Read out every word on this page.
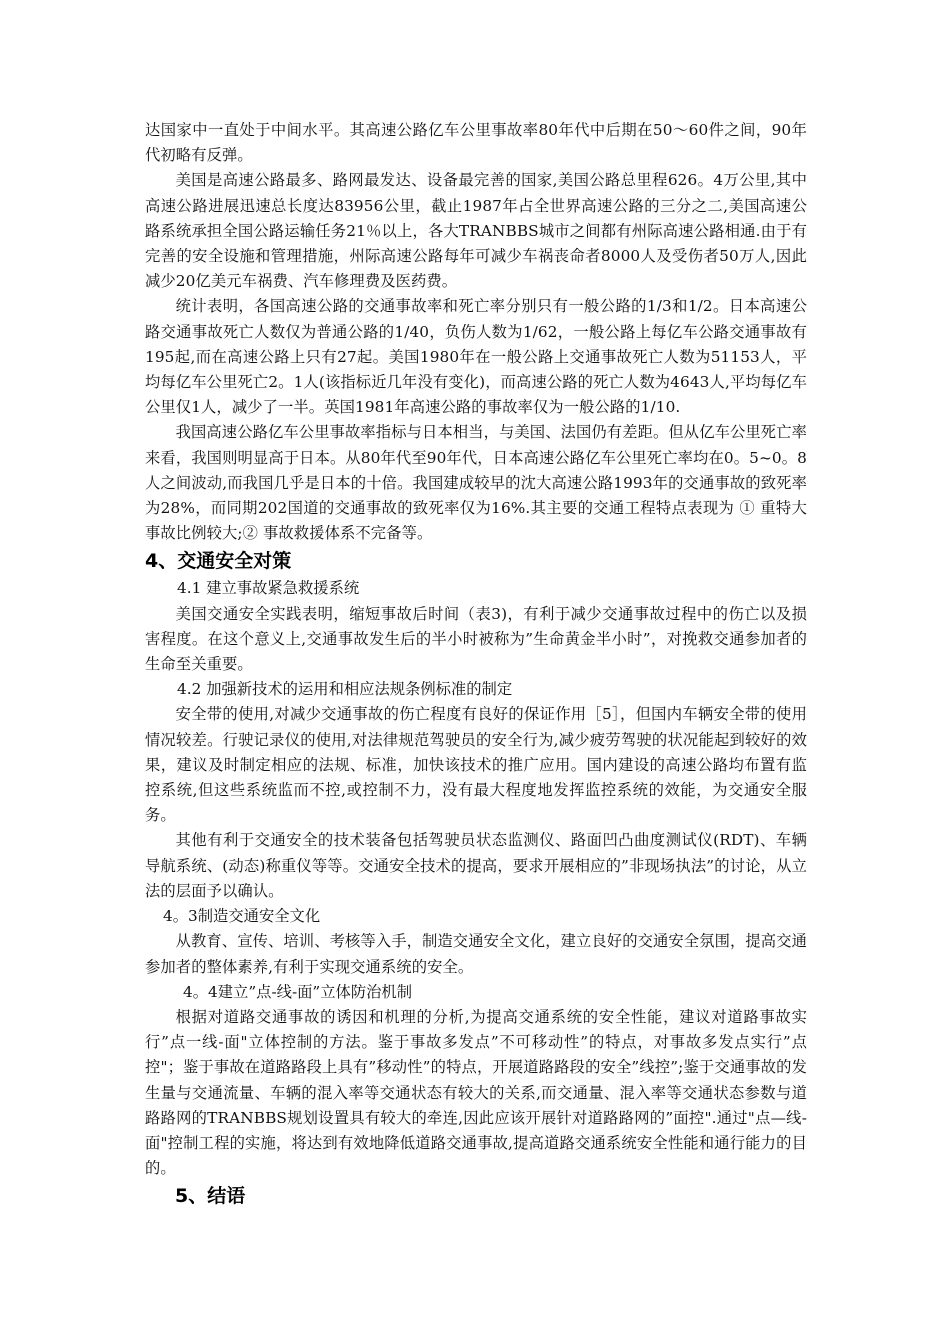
达国家中一直处于中间水平。其高速公路亿车公里事故率80年代中后期在50～60件之间，90年代初略有反弹。

美国是高速公路最多、路网最发达、设备最完善的国家,美国公路总里程626。4万公里,其中高速公路进展迅速总长度达83956公里，截止1987年占全世界高速公路的三分之二,美国高速公路系统承担全国公路运输任务21％以上，各大TRANBBS城市之间都有州际高速公路相通.由于有完善的安全设施和管理措施，州际高速公路每年可减少车祸丧命者8000人及受伤者50万人,因此减少20亿美元车祸费、汽车修理费及医药费。

统计表明，各国高速公路的交通事故率和死亡率分别只有一般公路的1/3和1/2。日本高速公路交通事故死亡人数仅为普通公路的1/40，负伤人数为1/62，一般公路上每亿车公路交通事故有195起,而在高速公路上只有27起。美国1980年在一般公路上交通事故死亡人数为51153人，平均每亿车公里死亡2。1人(该指标近几年没有变化)，而高速公路的死亡人数为4643人,平均每亿车公里仅1人，减少了一半。英国1981年高速公路的事故率仅为一般公路的1/10.

我国高速公路亿车公里事故率指标与日本相当，与美国、法国仍有差距。但从亿车公里死亡率来看，我国则明显高于日本。从80年代至90年代，日本高速公路亿车公里死亡率均在0。5~0。8人之间波动,而我国几乎是日本的十倍。我国建成较早的沈大高速公路1993年的交通事故的致死率为28%，而同期202国道的交通事故的致死率仅为16%.其主要的交通工程特点表现为 ① 重特大事故比例较大;② 事故救援体系不完备等。

4、交通安全对策
4.1 建立事故紧急救援系统

美国交通安全实践表明，缩短事故后时间（表3)，有利于减少交通事故过程中的伤亡以及损害程度。在这个意义上,交通事故发生后的半小时被称为”生命黄金半小时”，对挽救交通参加者的生命至关重要。

4.2 加强新技术的运用和相应法规条例标准的制定

安全带的使用,对减少交通事故的伤亡程度有良好的保证作用［5］，但国内车辆安全带的使用情况较差。行驶记录仪的使用,对法律规范驾驶员的安全行为,减少疲劳驾驶的状况能起到较好的效果，建议及时制定相应的法规、标准，加快该技术的推广应用。国内建设的高速公路均布置有监控系统,但这些系统监而不控,或控制不力，没有最大程度地发挥监控系统的效能，为交通安全服务。

其他有利于交通安全的技术装备包括驾驶员状态监测仪、路面凹凸曲度测试仪(RDT)、车辆导航系统、(动态)称重仪等等。交通安全技术的提高，要求开展相应的”非现场执法”的讨论，从立法的层面予以确认。

4。3制造交通安全文化

从教育、宣传、培训、考核等入手，制造交通安全文化，建立良好的交通安全氛围，提高交通参加者的整体素养,有利于实现交通系统的安全。

4。4建立”点-线-面”立体防治机制

根据对道路交通事故的诱因和机理的分析,为提高交通系统的安全性能，建议对道路事故实行”点一线-面"立体控制的方法。鉴于事故多发点”不可移动性”的特点，对事故多发点实行”点控"；鉴于事故在道路路段上具有”移动性”的特点，开展道路路段的安全”线控”;鉴于交通事故的发生量与交通流量、车辆的混入率等交通状态有较大的关系,而交通量、混入率等交通状态参数与道路路网的TRANBBS规划设置具有较大的牵连,因此应该开展针对道路路网的”面控".通过"点—线-面"控制工程的实施，将达到有效地降低道路交通事故,提高道路交通系统安全性能和通行能力的目的。

5、结语
